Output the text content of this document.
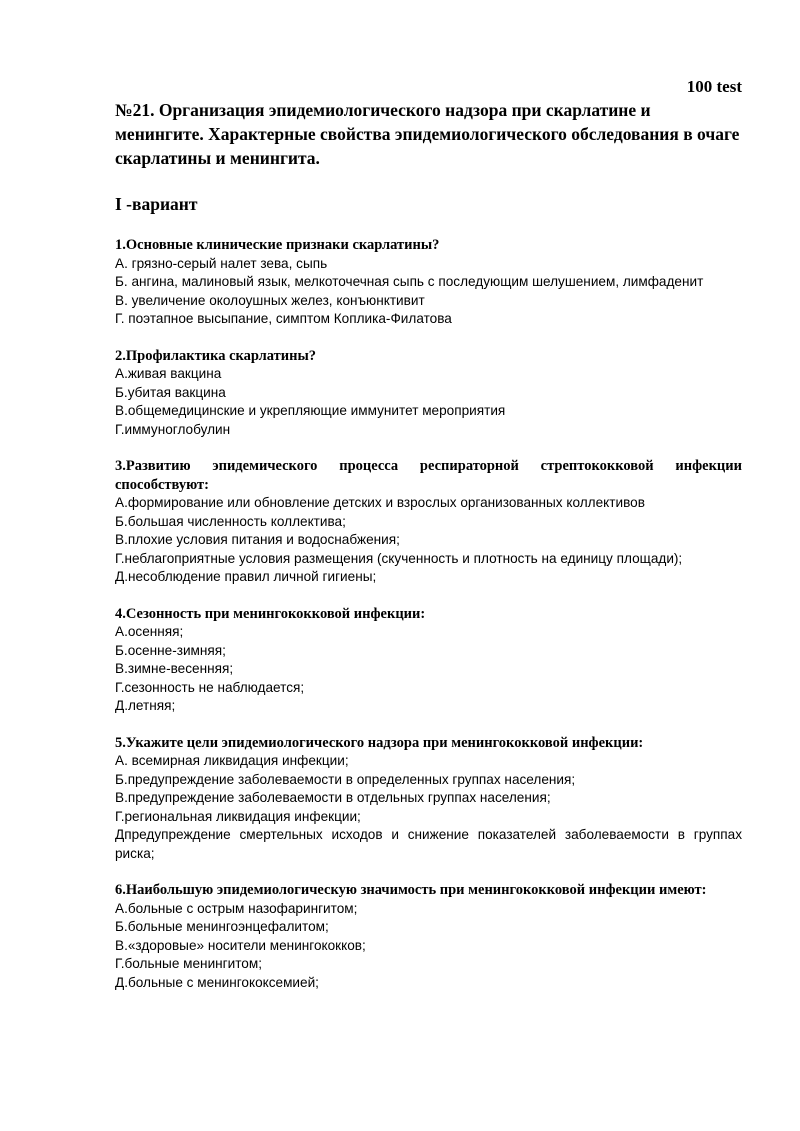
100 test

№21. Организация эпидемиологического надзора при скарлатине и менингите. Характерные свойства эпидемиологического обследования в очаге скарлатины и менингита.

I -вариант

1.Основные клинические признаки скарлатины?

А. грязно-серый налет зева, сыпь

Б. ангина, малиновый язык, мелкоточечная сыпь с последующим шелушением, лимфаденит

В. увеличение околоушных желез, конъюнктивит

Г. поэтапное высыпание, симптом Коплика-Филатова

2.Профилактика скарлатины?

А.живая вакцина

Б.убитая вакцина

В.общемедицинские и укрепляющие иммунитет мероприятия

Г.иммуноглобулин

3.Развитию эпидемического процесса респираторной стрептококковой инфекции способствуют:

А.формирование или обновление детских и взрослых организованных коллективов

Б.большая численность коллектива;

В.плохие условия питания и водоснабжения;

Г.неблагоприятные условия размещения (скученность и плотность на единицу площади);

Д.несоблюдение правил личной гигиены;

4.Сезонность при менингококковой инфекции:

А.осенняя;

Б.осенне-зимняя;

В.зимне-весенняя;

Г.сезонность не наблюдается;

Д.летняя;

5.Укажите цели эпидемиологического надзора при менингококковой инфекции:

А. всемирная ликвидация инфекции;

Б.предупреждение заболеваемости в определенных группах населения;

В.предупреждение заболеваемости в отдельных группах населения;

Г.региональная ликвидация инфекции;

Дпредупреждение смертельных исходов и снижение показателей заболеваемости в группах риска;

6.Наибольшую эпидемиологическую значимость при менингококковой инфекции имеют:

А.больные с острым назофарингитом;

Б.больные менингоэнцефалитом;

В.«здоровые» носители менингококков;

Г.больные менингитом;

Д.больные с менингококсемией;
